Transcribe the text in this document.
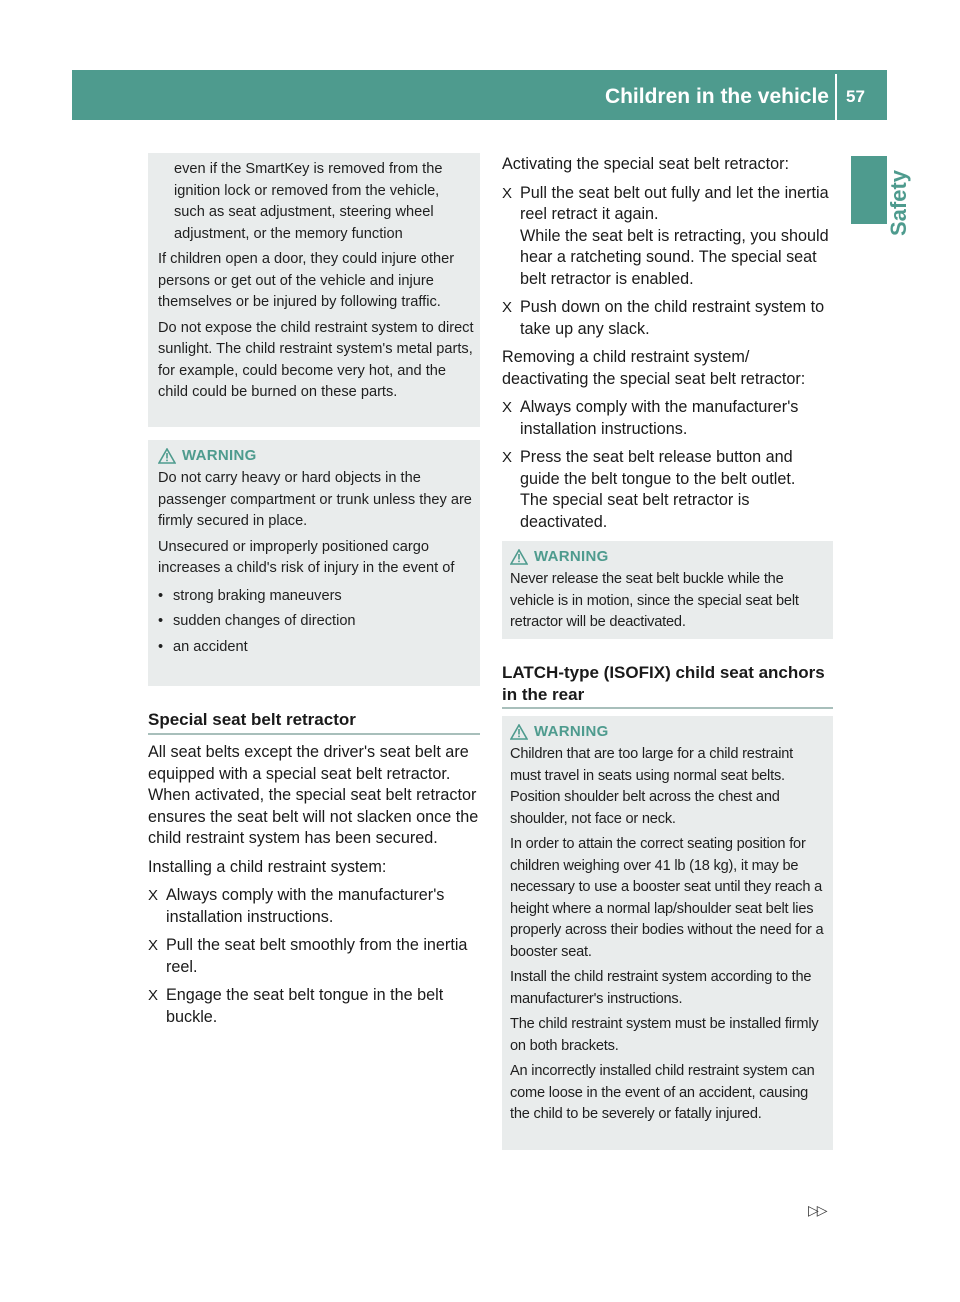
Children in the vehicle 57
Safety

even if the SmartKey is removed from the ignition lock or removed from the vehicle, such as seat adjustment, steering wheel adjustment, or the memory function

If children open a door, they could injure other persons or get out of the vehicle and injure themselves or be injured by following traffic.

Do not expose the child restraint system to direct sunlight. The child restraint system's metal parts, for example, could become very hot, and the child could be burned on these parts.

WARNING

Do not carry heavy or hard objects in the passenger compartment or trunk unless they are firmly secured in place.

Unsecured or improperly positioned cargo increases a child's risk of injury in the event of

• strong braking maneuvers

• sudden changes of direction

• an accident

Special seat belt retractor

All seat belts except the driver's seat belt are equipped with a special seat belt retractor. When activated, the special seat belt retractor ensures the seat belt will not slacken once the child restraint system has been secured.

Installing a child restraint system:

X Always comply with the manufacturer's installation instructions.

X Pull the seat belt smoothly from the inertia reel.

X Engage the seat belt tongue in the belt buckle.

Activating the special seat belt retractor:

X Pull the seat belt out fully and let the inertia reel retract it again.

While the seat belt is retracting, you should hear a ratcheting sound. The special seat belt retractor is enabled.

X Push down on the child restraint system to take up any slack.

Removing a child restraint system/ deactivating the special seat belt retractor:

X Always comply with the manufacturer's installation instructions.

X Press the seat belt release button and guide the belt tongue to the belt outlet.

The special seat belt retractor is deactivated.

WARNING

Never release the seat belt buckle while the vehicle is in motion, since the special seat belt retractor will be deactivated.

LATCH-type (ISOFIX) child seat anchors in the rear
WARNING

Children that are too large for a child restraint must travel in seats using normal seat belts. Position shoulder belt across the chest and shoulder, not face or neck.

In order to attain the correct seating position for children weighing over 41 lb (18 kg), it may be necessary to use a booster seat until they reach a height where a normal lap/shoulder seat belt lies properly across their bodies without the need for a booster seat.

Install the child restraint system according to the manufacturer's instructions.

The child restraint system must be installed firmly on both brackets.

An incorrectly installed child restraint system can come loose in the event of an accident, causing the child to be severely or fatally injured.

▷▷
